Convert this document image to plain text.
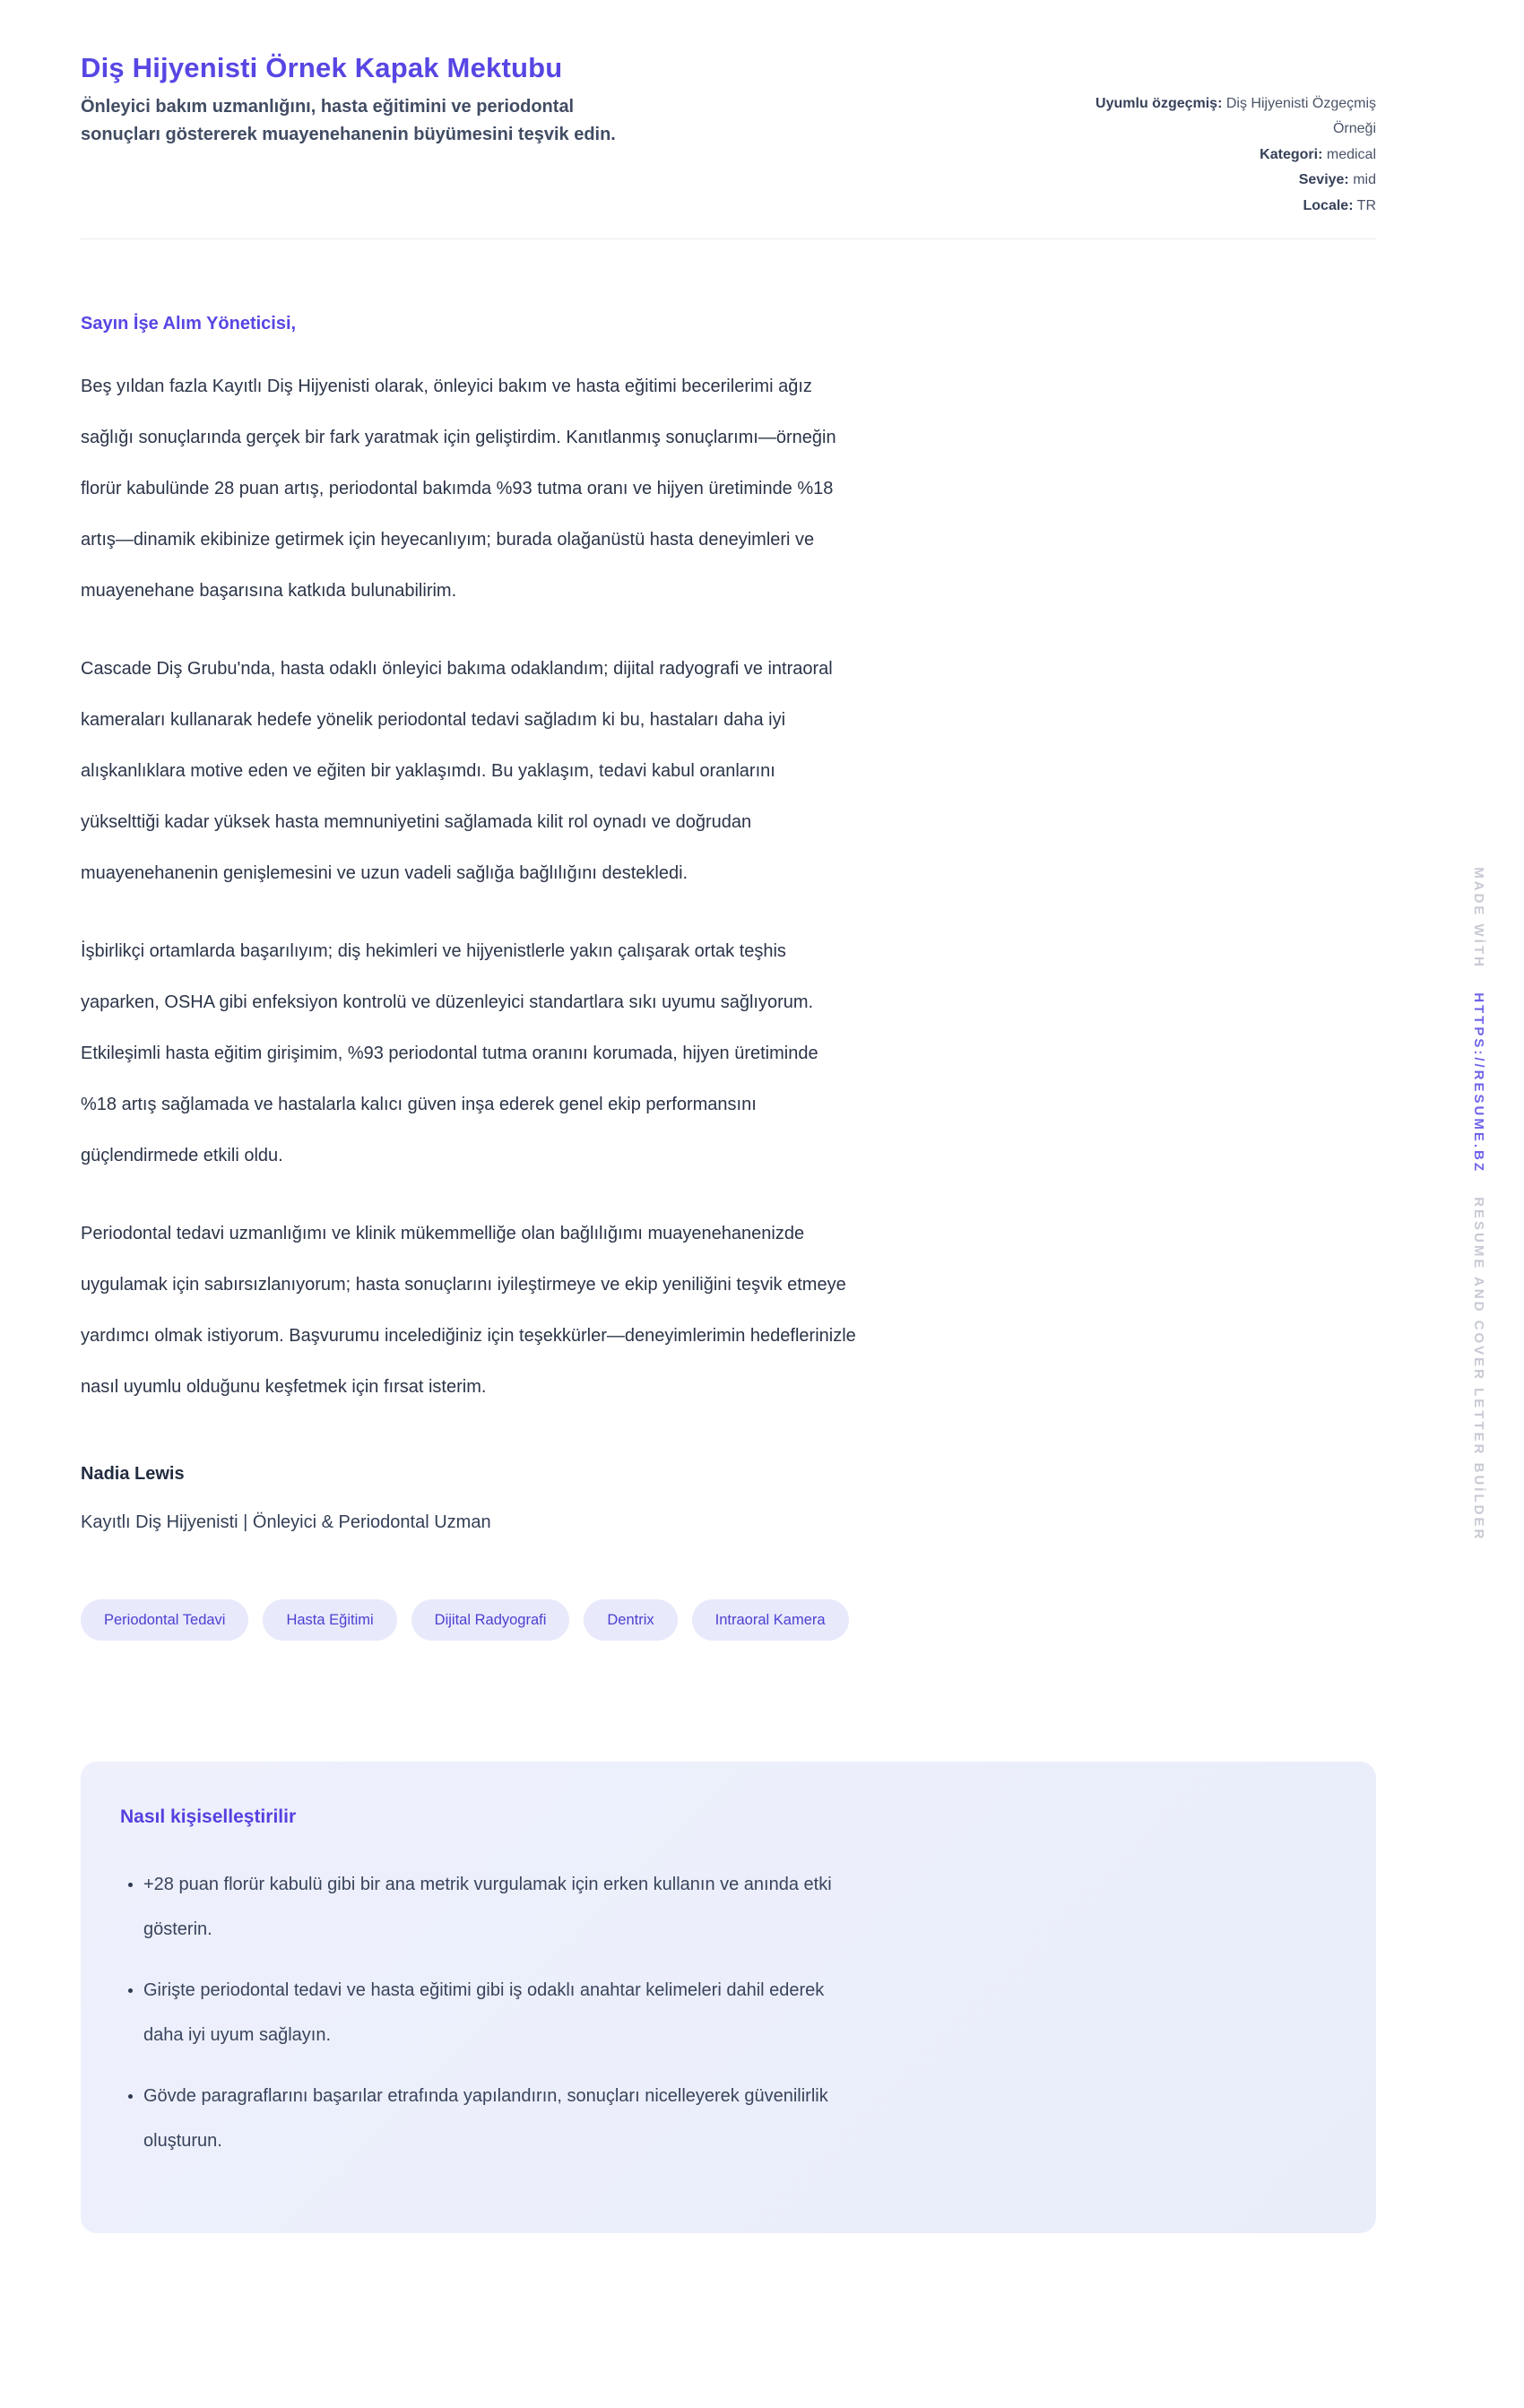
Diş Hijyenisti Örnek Kapak Mektubu
Önleyici bakım uzmanlığını, hasta eğitimini ve periodontal sonuçları göstererek muayenehanenin büyümesini teşvik edin.
Uyumlu özgeçmiş: Diş Hijyenisti Özgeçmiş Örneği
Kategori: medical
Seviye: mid
Locale: TR
Sayın İşe Alım Yöneticisi,

Beş yıldan fazla Kayıtlı Diş Hijyenisti olarak, önleyici bakım ve hasta eğitimi becerilerimi ağız sağlığı sonuçlarında gerçek bir fark yaratmak için geliştirdim. Kanıtlanmış sonuçlarımı—örneğin florür kabulünde 28 puan artış, periodontal bakımda %93 tutma oranı ve hijyen üretiminde %18 artış—dinamik ekibinize getirmek için heyecanlıyım; burada olağanüstü hasta deneyimleri ve muayenehane başarısına katkıda bulunabilirim.

Cascade Diş Grubu'nda, hasta odaklı önleyici bakıma odaklandım; dijital radyografi ve intraoral kameraları kullanarak hedefe yönelik periodontal tedavi sağladım ki bu, hastaları daha iyi alışkanlıklara motive eden ve eğiten bir yaklaşımdı. Bu yaklaşım, tedavi kabul oranlarını yükselttiği kadar yüksek hasta memnuniyetini sağlamada kilit rol oynadı ve doğrudan muayenehanenin genişlemesini ve uzun vadeli sağlığa bağlılığını destekledi.

İşbirlikçi ortamlarda başarılıyım; diş hekimleri ve hijyenistlerle yakın çalışarak ortak teşhis yaparken, OSHA gibi enfeksiyon kontrolü ve düzenleyici standartlara sıkı uyumu sağlıyorum. Etkileşimli hasta eğitim girişimim, %93 periodontal tutma oranını korumada, hijyen üretiminde %18 artış sağlamada ve hastalarla kalıcı güven inşa ederek genel ekip performansını güçlendirmede etkili oldu.

Periodontal tedavi uzmanlığımı ve klinik mükemmelliğe olan bağlılığımı muayenehanenizde uygulamak için sabırsızlanıyorum; hasta sonuçlarını iyileştirmeye ve ekip yeniliğini teşvik etmeye yardımcı olmak istiyorum. Başvurumu incelediğiniz için teşekkürler—deneyimlerimin hedeflerinizle nasıl uyumlu olduğunu keşfetmek için fırsat isterim.

Nadia Lewis
Kayıtlı Diş Hijyenisti | Önleyici & Periodontal Uzman
Periodontal Tedavi	Hasta Eğitimi	Dijital Radyografi	Dentrix	Intraoral Kamera
Nasıl kişiselleştirilir
• +28 puan florür kabulü gibi bir ana metrik vurgulamak için erken kullanın ve anında etki gösterin.
• Girişte periodontal tedavi ve hasta eğitimi gibi iş odaklı anahtar kelimeleri dahil ederek daha iyi uyum sağlayın.
• Gövde paragraflarını başarılar etrafında yapılandırın, sonuçları nicelleyerek güvenilirlik oluşturun.
MADE WİTH
HTTPS://RESUME.BZ
RESUME AND COVER LETTER BUİLDER
